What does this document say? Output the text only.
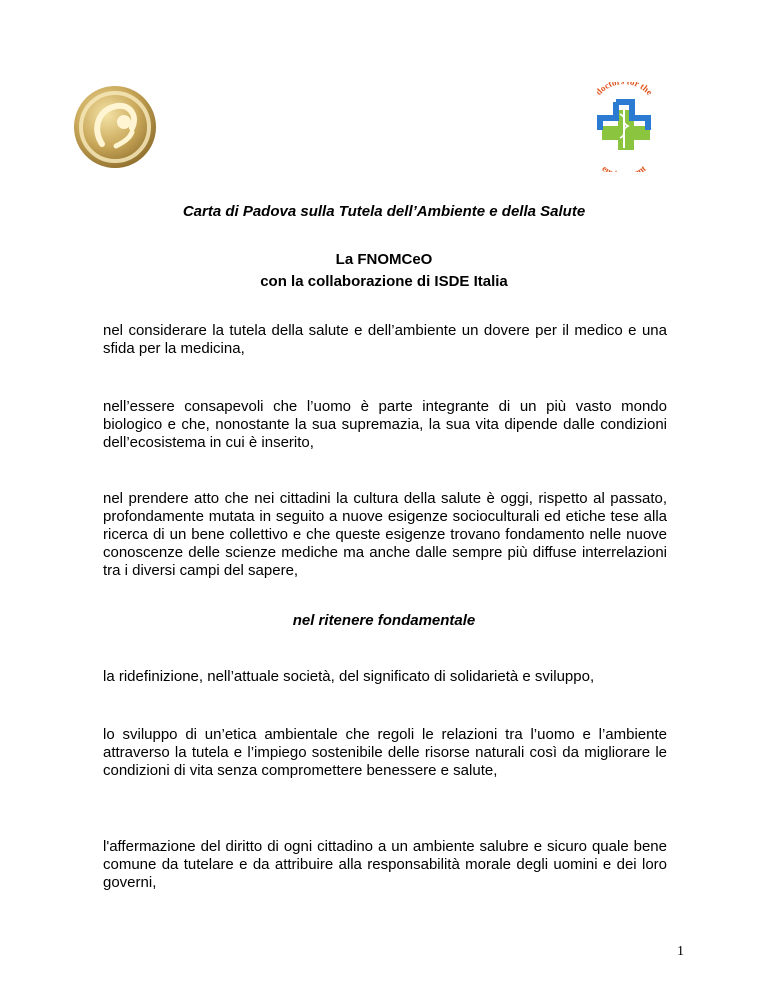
docto or the
en nt
Carta di Padova sulla Tutela dell’Ambiente e della Salute
La FNOMCeO
con la collaborazione di ISDE Italia
nel considerare la tutela della salute e dell’ambiente un dovere per il medico e una sfida per la medicina,
nell’essere consapevoli che l’uomo è parte integrante di un più vasto mondo biologico e che, nonostante la sua supremazia, la sua vita dipende dalle condizioni dell’ecosistema in cui è inserito,
nel prendere atto che nei cittadini la cultura della salute è oggi, rispetto al passato, profondamente mutata in seguito a nuove esigenze socioculturali ed etiche tese alla ricerca di un bene collettivo e che queste esigenze trovano fondamento nelle nuove conoscenze delle scienze mediche ma anche dalle sempre più diffuse interrelazioni tra i diversi campi del sapere,
nel ritenere fondamentale
la ridefinizione, nell’attuale società, del significato di solidarietà e sviluppo,
lo sviluppo di un’etica ambientale che regoli le relazioni tra l’uomo e l’ambiente attraverso la tutela e l’impiego sostenibile delle risorse naturali così da migliorare le condizioni di vita senza compromettere benessere e salute,
l'affermazione del diritto di ogni cittadino a un ambiente salubre e sicuro quale bene comune da tutelare e da attribuire alla responsabilità morale degli uomini e dei loro governi,
1
